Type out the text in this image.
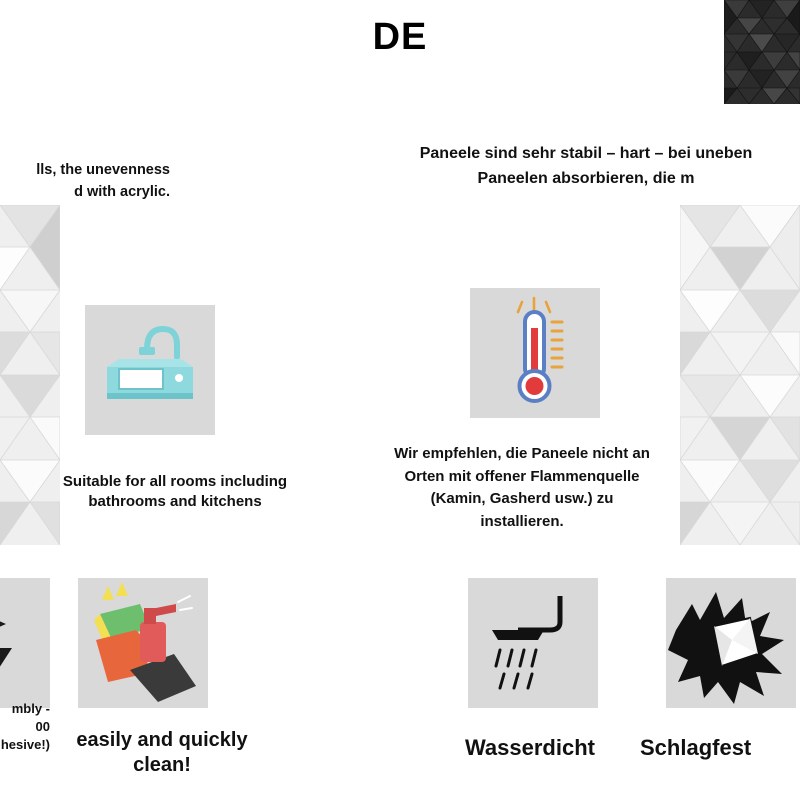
DE
lls, the unevenness
d with acrylic.
Paneele sind sehr stabil – hart – bei uneben
Paneelen absorbieren, die m
Suitable for all rooms including bathrooms and kitchens
Wir empfehlen, die Paneele nicht an Orten mit offener Flammenquelle (Kamin, Gasherd usw.) zu installieren.
mbly -
00
hesive!)	easily and quickly clean!
Wasserdicht	Schlagfest
